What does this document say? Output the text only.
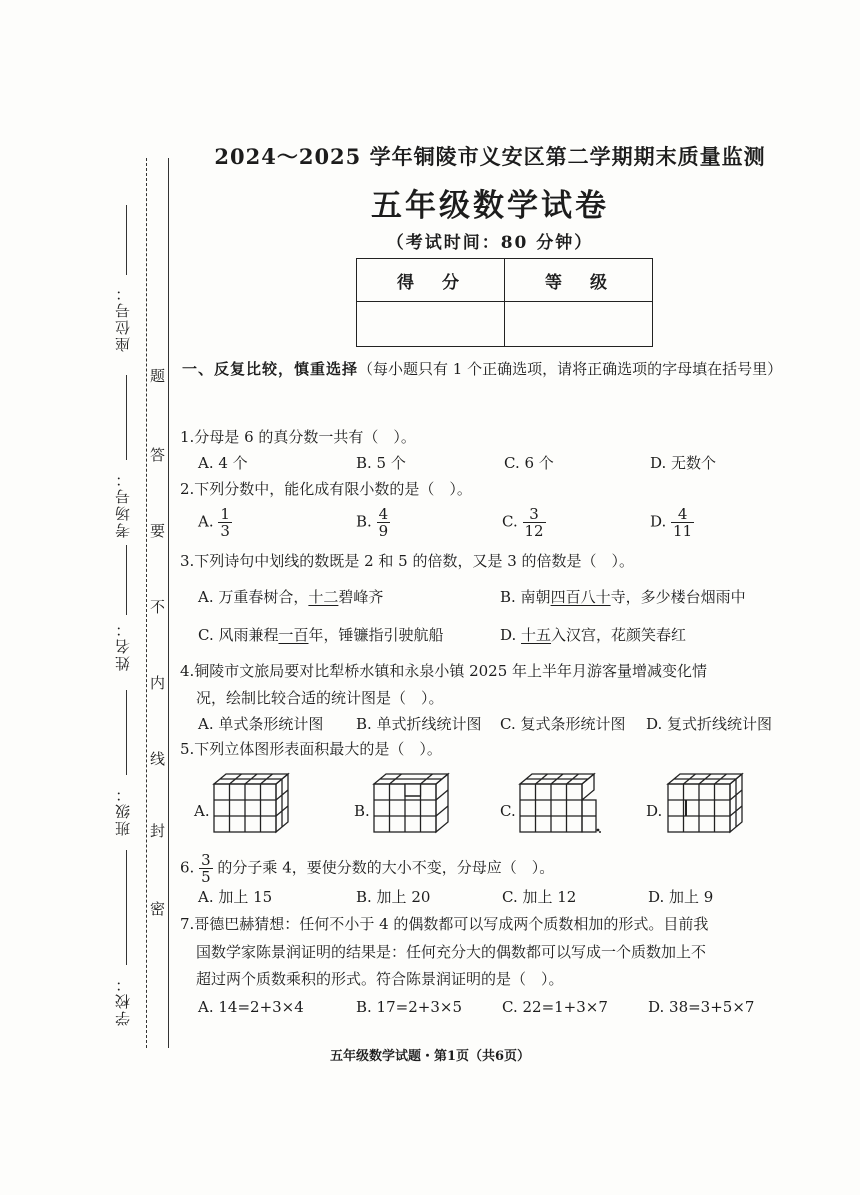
座位号：
考场号：
姓名：
班级：
学校：
题
答
要
不
内
线
封
密
2024～2025 学年铜陵市义安区第二学期期末质量监测
五年级数学试卷
（考试时间：80 分钟）
得分	等级

一、反复比较，慎重选择（每小题只有 1 个正确选项，请将正确选项的字母填在括号里）
1.分母是 6 的真分数一共有（　）。
A. 4 个	B. 5 个	C. 6 个	D. 无数个
2.下列分数中，能化成有限小数的是（　）。
A. $\frac{1}{3}$	B. $\frac{4}{9}$	C. $\frac{3}{12}$	D. $\frac{4}{11}$
3.下列诗句中划线的数既是 2 和 5 的倍数，又是 3 的倍数是（　）。
A. 万重春树合，十二碧峰齐	B. 南朝四百八十寺，多少楼台烟雨中
C. 风雨兼程一百年，锤镰指引驶航船	D. 十五入汉宫，花颜笑春红
4.铜陵市文旅局要对比犁桥水镇和永泉小镇 2025 年上半年月游客量增减变化情
况，绘制比较合适的统计图是（　）。
A. 单式条形统计图 B. 单式折线统计图 C. 复式条形统计图 D. 复式折线统计图
5.下列立体图形表面积最大的是（　）。
A.	B.	C.	D.
6. $\frac{3}{5}$ 的分子乘 4，要使分数的大小不变，分母应（　）。
A. 加上 15	B. 加上 20	C. 加上 12	D. 加上 9
7.哥德巴赫猜想：任何不小于 4 的偶数都可以写成两个质数相加的形式。目前我
国数学家陈景润证明的结果是：任何充分大的偶数都可以写成一个质数加上不
超过两个质数乘积的形式。符合陈景润证明的是（　）。
A. 14=2+3×4	B. 17=2+3×5	C. 22=1+3×7	D. 38=3+5×7
五年级数学试题・第1页（共6页）
